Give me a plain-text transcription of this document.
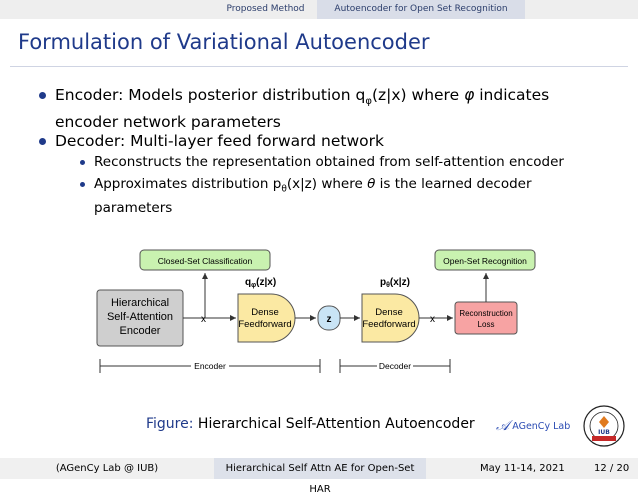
Proposed Method	Autoencoder for Open Set Recognition
Formulation of Variational Autoencoder
Encoder: Models posterior distribution $q_\varphi(z|x)$ where φ indicates
encoder network parameters
Decoder: Multi-layer feed forward network
Reconstructs the representation obtained from self-attention encoder
Approximates distribution $p_\theta(x|z)$ where θ is the learned decoder
parameters
Closed-Set Classification	Open-Set Recognition
Hierarchical
Self-Attention
Encoder
x
$q_\varphi(z|x)$
Dense
Feedforward	z
$p_\theta(x|z)$
Dense
Feedforward x
Reconstruction
Loss
Encoder	Decoder
Figure: Hierarchical Self-Attention Autoencoder 𝒜 AGenCy Lab
IUB
(AGenCy Lab @ IUB)	Hierarchical Self Attn AE for Open-Set HAR
May 11-14, 2021	12 / 20
